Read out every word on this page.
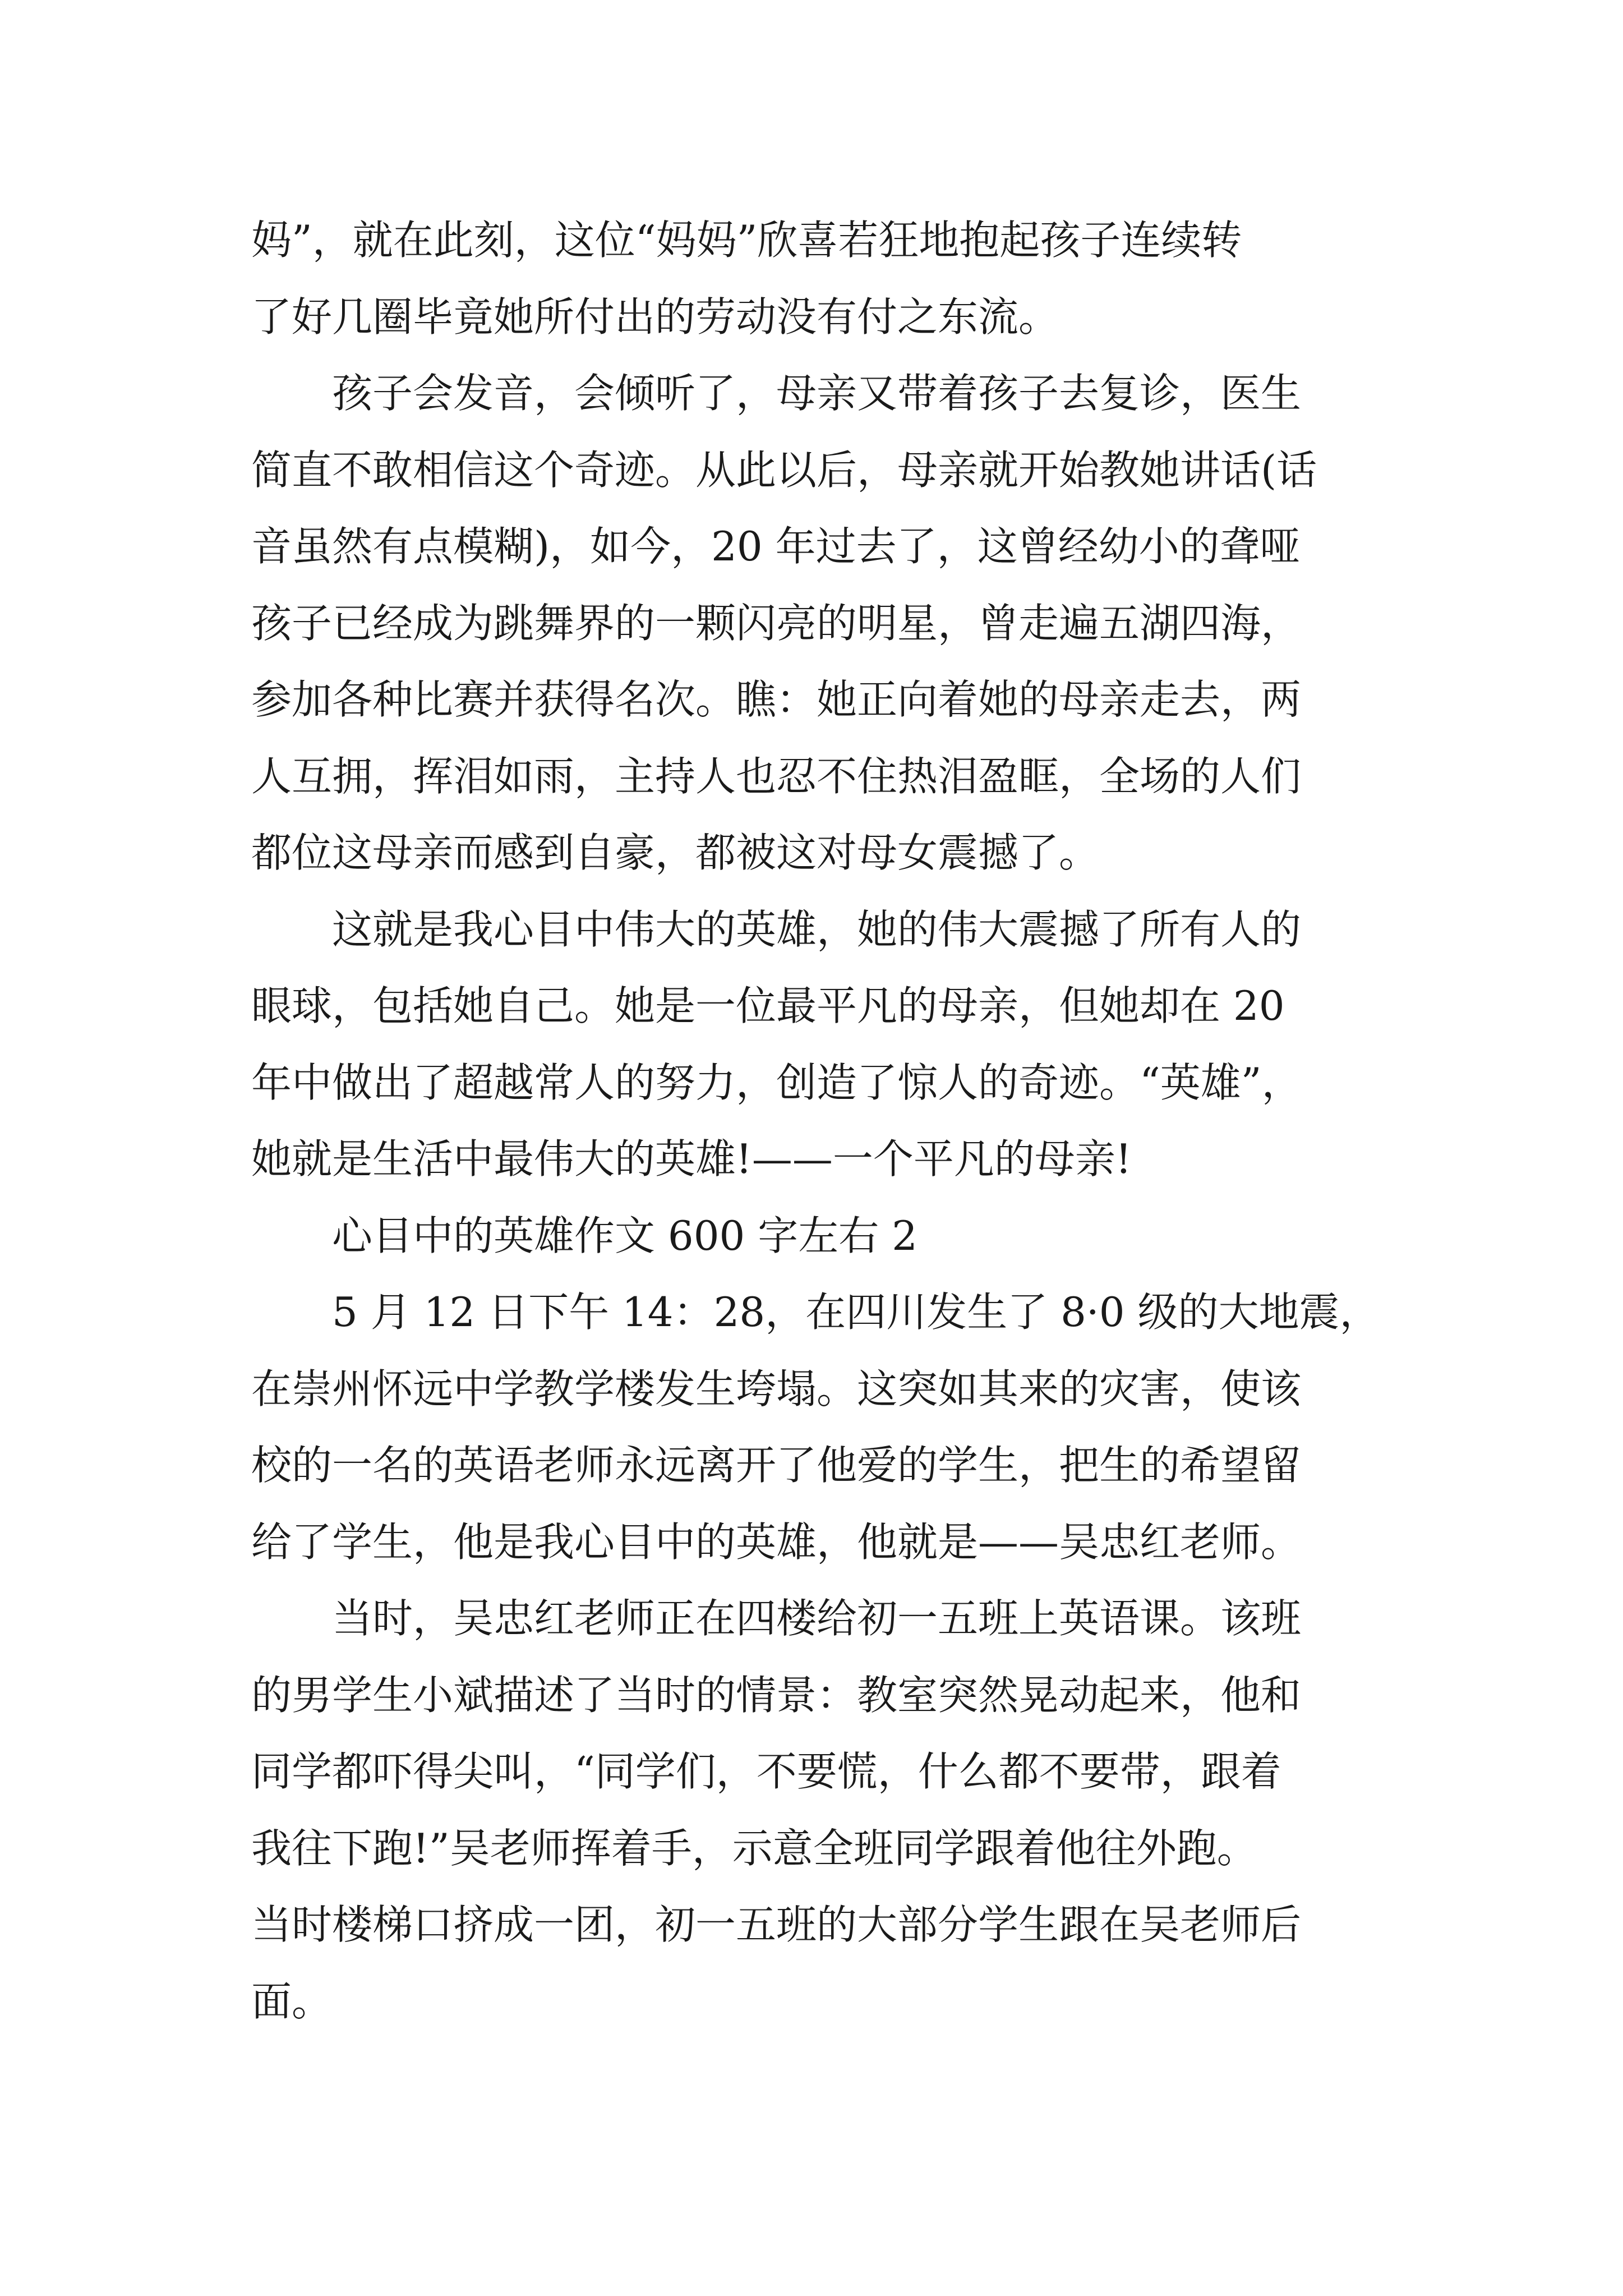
妈”，就在此刻，这位“妈妈”欣喜若狂地抱起孩子连续转
了好几圈毕竟她所付出的劳动没有付之东流。
　　孩子会发音，会倾听了，母亲又带着孩子去复诊，医生
简直不敢相信这个奇迹。从此以后，母亲就开始教她讲话(话
音虽然有点模糊)，如今，20 年过去了，这曾经幼小的聋哑
孩子已经成为跳舞界的一颗闪亮的明星，曾走遍五湖四海，
参加各种比赛并获得名次。瞧：她正向着她的母亲走去，两
人互拥，挥泪如雨，主持人也忍不住热泪盈眶，全场的人们
都位这母亲而感到自豪，都被这对母女震撼了。
　　这就是我心目中伟大的英雄，她的伟大震撼了所有人的
眼球，包括她自己。她是一位最平凡的母亲，但她却在 20
年中做出了超越常人的努力，创造了惊人的奇迹。“英雄”，
她就是生活中最伟大的英雄!——一个平凡的母亲!
　　心目中的英雄作文 600 字左右 2
　　5 月 12 日下午 14：28，在四川发生了 8·0 级的大地震，
在崇州怀远中学教学楼发生垮塌。这突如其来的灾害，使该
校的一名的英语老师永远离开了他爱的学生，把生的希望留
给了学生，他是我心目中的英雄，他就是——吴忠红老师。
　　当时，吴忠红老师正在四楼给初一五班上英语课。该班
的男学生小斌描述了当时的情景：教室突然晃动起来，他和
同学都吓得尖叫，“同学们，不要慌，什么都不要带，跟着
我往下跑!”吴老师挥着手，示意全班同学跟着他往外跑。
当时楼梯口挤成一团，初一五班的大部分学生跟在吴老师后
面。
